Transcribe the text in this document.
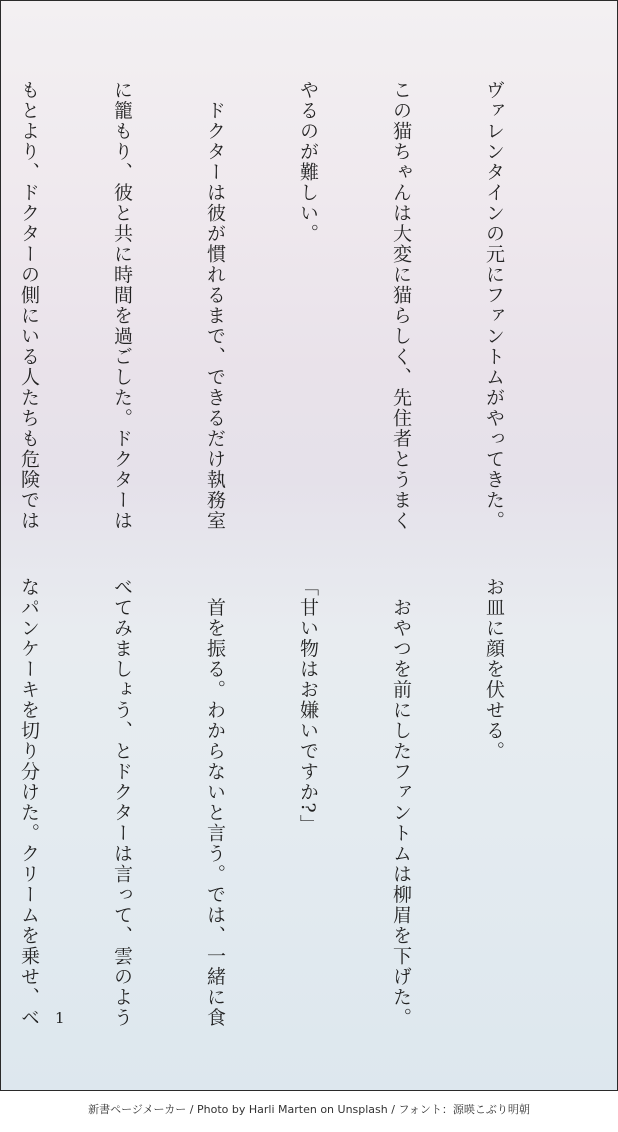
ヴァレンタインの元にファントムがやってきた。

この猫ちゃんは大変に猫らしく、先住者とうまく

やるのが難しい。

　ドクターは彼が慣れるまで、できるだけ執務室

に籠もり、彼と共に時間を過ごした。ドクターは

もとより、ドクターの側にいる人たちも危険では

お皿に顔を伏せる。

　おやつを前にしたファントムは柳眉を下げた。

「甘い物はお嫌いですか?」

　首を振る。わからないと言う。では、一緒に食

べてみましょう、とドクターは言って、雲のよう

なパンケーキを切り分けた。クリームを乗せ、ベ

1
新書ページメーカー / Photo by Harli Marten on Unsplash / フォント：源暎こぶり明朝
